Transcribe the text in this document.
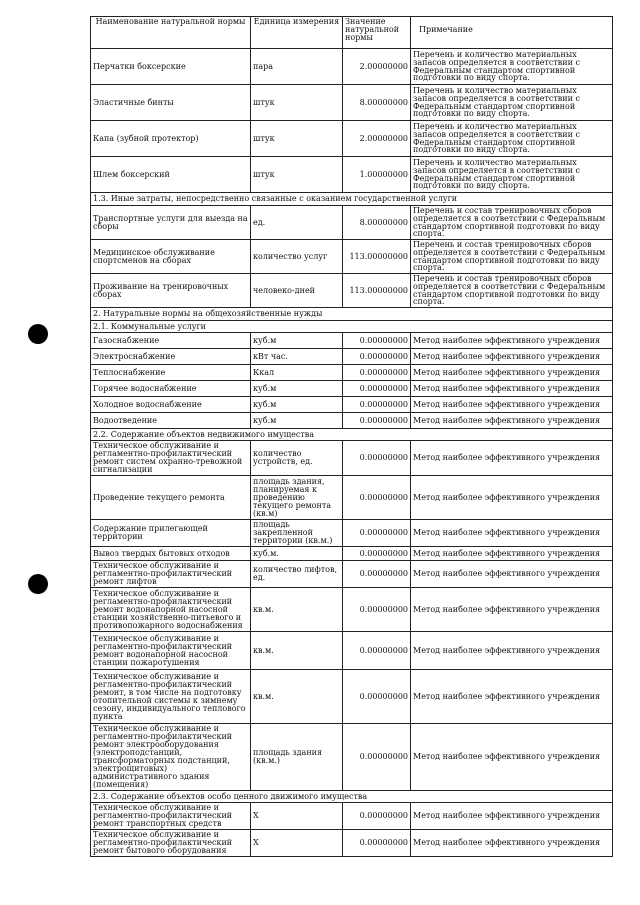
Наименование натуральной нормы	Единица измерения	Значение натуральной нормы	Примечание

Перчатки боксерские	пара	2.00000000	Перечень и количество материальных запасов определяется в соответствии с Федеральным стандартом спортивной подготовки по виду спорта.
Эластичные бинты	штук	8.00000000	Перечень и количество материальных запасов определяется в соответствии с Федеральным стандартом спортивной подготовки по виду спорта.
Капа (зубной протектор)	штук	2.00000000	Перечень и количество материальных запасов определяется в соответствии с Федеральным стандартом спортивной подготовки по виду спорта.
Шлем боксерский	штук	1.00000000	Перечень и количество материальных запасов определяется в соответствии с Федеральным стандартом спортивной подготовки по виду спорта.
1.3. Иные затраты, непосредственно связанные с оказанием государственной услуги			
Транспортные услуги для выезда на сборы	ед.	8.00000000	Перечень и состав тренировочных сборов определяется в соответствии с Федеральным стандартом спортивной подготовки по виду спорта.
Медицинское обслуживание спортсменов на сборах	количество услуг	113.00000000	Перечень и состав тренировочных сборов определяется в соответствии с Федеральным стандартом спортивной подготовки по виду спорта.
Проживание на тренировочных сборах	человеко-дней	113.00000000	Перечень и состав тренировочных сборов определяется в соответствии с Федеральным стандартом спортивной подготовки по виду спорта.
2. Натуральные нормы на общехозяйственные нужды			
2.1. Коммунальные услуги			
Газоснабжение	куб.м	0.00000000	Метод наиболее эффективного учреждения
Электроснабжение	кВт час.	0.00000000	Метод наиболее эффективного учреждения
Теплоснабжение	Ккал	0.00000000	Метод наиболее эффективного учреждения
Горячее водоснабжение	куб.м	0.00000000	Метод наиболее эффективного учреждения
Холодное водоснабжение	куб.м	0.00000000	Метод наиболее эффективного учреждения
Водоотведение	куб.м	0.00000000	Метод наиболее эффективного учреждения
2.2. Содержание объектов недвижимого имущества			
Техническое обслуживание и регламентно-профилактический ремонт систем охранно-тревожной сигнализации	количество устройств, ед.	0.00000000	Метод наиболее эффективного учреждения
Проведение текущего ремонта	площадь здания, планируемая к проведению текущего ремонта (кв.м)	0.00000000	Метод наиболее эффективного учреждения
Содержание прилегающей территории	площадь закрепленной территории (кв.м.)	0.00000000	Метод наиболее эффективного учреждения
Вывоз твердых бытовых отходов	куб.м.	0.00000000	Метод наиболее эффективного учреждения
Техническое обслуживание и регламентно-профилактический ремонт лифтов	количество лифтов, ед.	0.00000000	Метод наиболее эффективного учреждения
Техническое обслуживание и регламентно-профилактический ремонт водонапорной насосной станции хозяйственно-питьевого и противопожарного водоснабжения	кв.м.	0.00000000	Метод наиболее эффективного учреждения
Техническое обслуживание и регламентно-профилактический ремонт водонапорной насосной станции пожаротушения	кв.м.	0.00000000	Метод наиболее эффективного учреждения
Техническое обслуживание и регламентно-профилактический ремонт, в том числе на подготовку отопительной системы к зимнему сезону, индивидуального теплового пункта	кв.м.	0.00000000	Метод наиболее эффективного учреждения
Техническое обслуживание и регламентно-профилактический ремонт электрооборудования (электроподстанций, трансформаторных подстанций, электрощитовых) административного здания (помещения)	площадь здания (кв.м.)	0.00000000	Метод наиболее эффективного учреждения
2.3. Содержание объектов особо ценного движимого имущества			
Техническое обслуживание и регламентно-профилактический ремонт транспортных средств	Х	0.00000000	Метод наиболее эффективного учреждения
Техническое обслуживание и регламентно-профилактический ремонт бытового оборудования	Х	0.00000000	Метод наиболее эффективного учреждения
